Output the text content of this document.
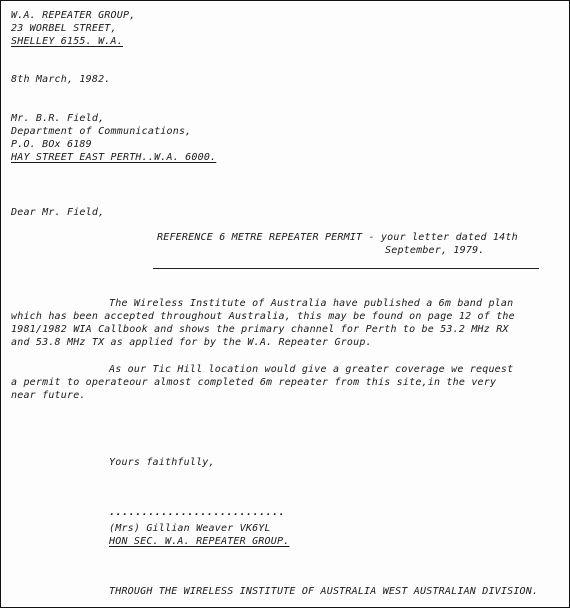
W.A. REPEATER GROUP,
23 WORBEL STREET,
SHELLEY 6155. W.A.
8th March, 1982.
Mr. B.R. Field,
Department of Communications,
P.O. BOx 6189
HAY STREET EAST PERTH..W.A. 6000.
Dear Mr. Field,
REFERENCE 6 METRE REPEATER PERMIT - your letter dated 14th
September, 1979.
The Wireless Institute of Australia have published a 6m band plan
which has been accepted throughout Australia, this may be found on page 12 of the
1981/1982 WIA Callbook and shows the primary channel for Perth to be 53.2 MHz RX
and 53.8 MHz TX as applied for by the W.A. Repeater Group.
As our Tic Hill location would give a greater coverage we request
a permit to operateour almost completed 6m repeater from this site,in the very
near future.
Yours faithfully,
...........................
(Mrs) Gillian Weaver VK6YL
HON SEC. W.A. REPEATER GROUP.
THROUGH THE WIRELESS INSTITUTE OF AUSTRALIA WEST AUSTRALIAN DIVISION.
